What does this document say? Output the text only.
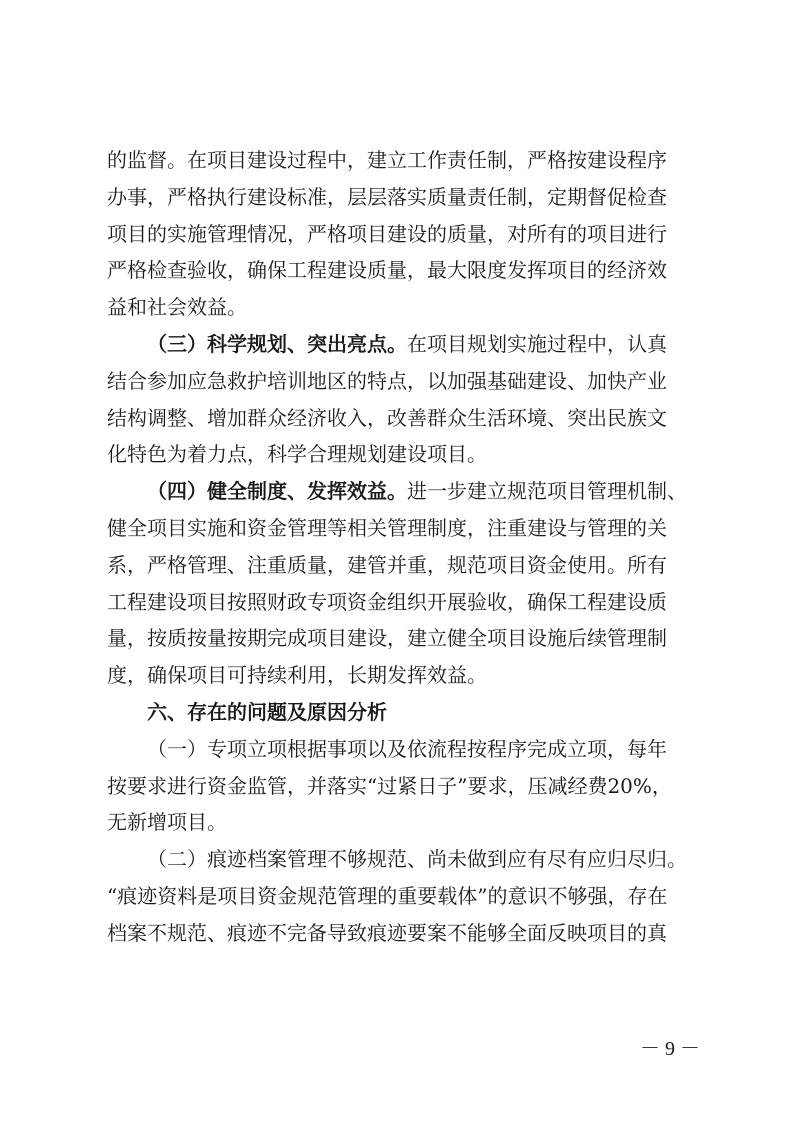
的监督。在项目建设过程中，建立工作责任制，严格按建设程序
办事，严格执行建设标准，层层落实质量责任制，定期督促检查
项目的实施管理情况，严格项目建设的质量，对所有的项目进行
严格检查验收，确保工程建设质量，最大限度发挥项目的经济效
益和社会效益。
（三）科学规划、突出亮点。在项目规划实施过程中，认真
结合参加应急救护培训地区的特点，以加强基础建设、加快产业
结构调整、增加群众经济收入，改善群众生活环境、突出民族文
化特色为着力点，科学合理规划建设项目。
（四）健全制度、发挥效益。进一步建立规范项目管理机制、
健全项目实施和资金管理等相关管理制度，注重建设与管理的关
系，严格管理、注重质量，建管并重，规范项目资金使用。所有
工程建设项目按照财政专项资金组织开展验收，确保工程建设质
量，按质按量按期完成项目建设，建立健全项目设施后续管理制
度，确保项目可持续利用，长期发挥效益。
六、存在的问题及原因分析
（一）专项立项根据事项以及依流程按程序完成立项，每年
按要求进行资金监管，并落实“过紧日子”要求，压减经费20%，
无新增项目。
（二）痕迹档案管理不够规范、尚未做到应有尽有应归尽归。
“痕迹资料是项目资金规范管理的重要载体”的意识不够强，存在
档案不规范、痕迹不完备导致痕迹要案不能够全面反映项目的真
－ 9 －
